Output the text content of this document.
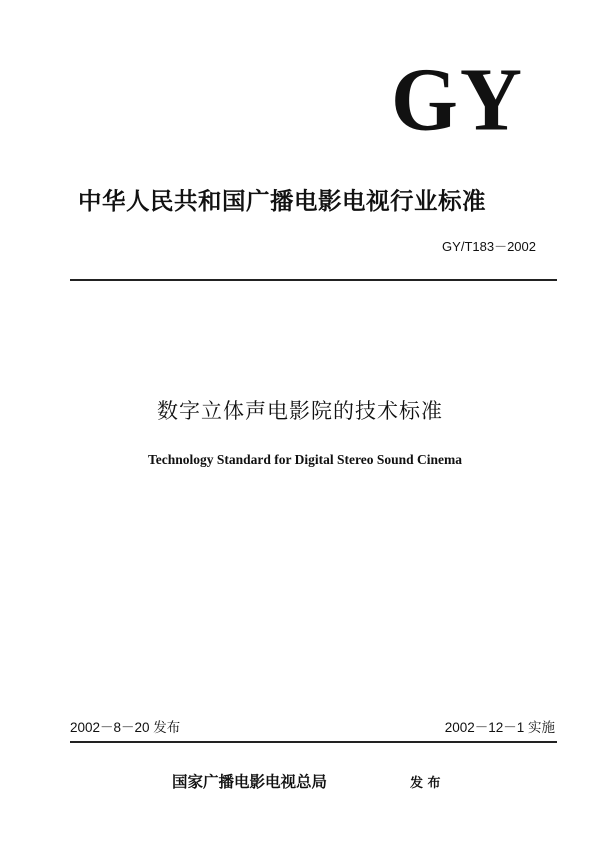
GY
中华人民共和国广播电影电视行业标准
GY/T183－2002
数字立体声电影院的技术标准
Technology Standard for Digital Stereo Sound Cinema
2002－8－20 发布	2002－12－1 实施
国家广播电影电视总局	发 布
